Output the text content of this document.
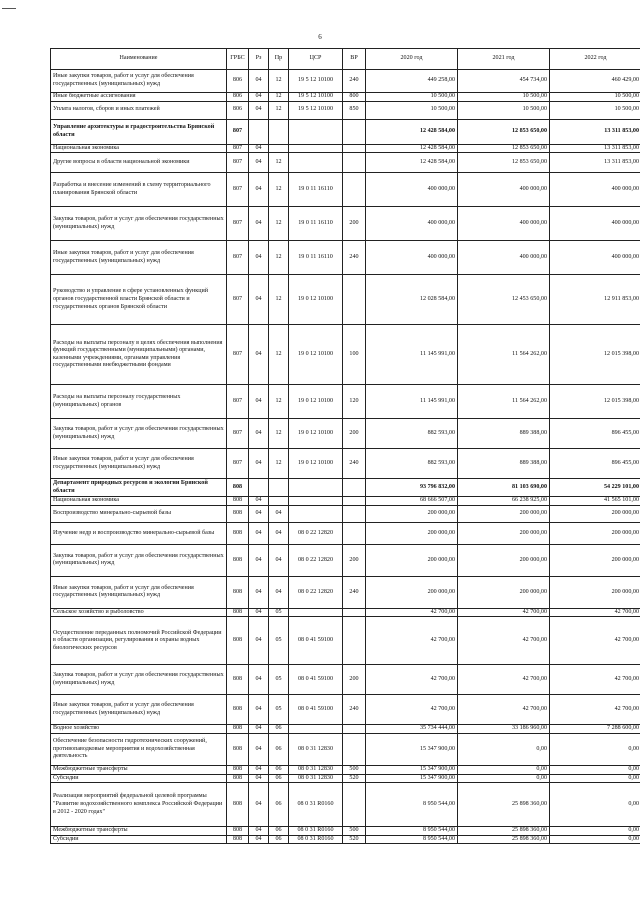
6
Наименование	ГРБС	Рз	Пр	ЦСР	ВР	2020 год	2021 год	2022 год
Иные закупки товаров, работ и услуг для обеспечения государственных (муниципальных) нужд	806	04	12	19 5 12 10100	240	449 258,00	454 734,00	460 429,00
Иные бюджетные ассигнования	806	04	12	19 5 12 10100	800	10 500,00	10 500,00	10 500,00
Уплата налогов, сборов и иных платежей	806	04	12	19 5 12 10100	850	10 500,00	10 500,00	10 500,00
Управление архитектуры и градостроительства Брянской области	807					12 428 584,00	12 853 650,00	13 311 853,00
Национальная экономика	807	04				12 428 584,00	12 853 650,00	13 311 853,00
Другие вопросы в области национальной экономики	807	04	12			12 428 584,00	12 853 650,00	13 311 853,00
Разработка и внесение изменений в схему территориального планирования Брянской области	807	04	12	19 0 11 16110		400 000,00	400 000,00	400 000,00
Закупка товаров, работ и услуг для обеспечения государственных (муниципальных) нужд	807	04	12	19 0 11 16110	200	400 000,00	400 000,00	400 000,00
Иные закупки товаров, работ и услуг для обеспечения государственных (муниципальных) нужд	807	04	12	19 0 11 16110	240	400 000,00	400 000,00	400 000,00
Руководство и управление в сфере установленных функций органов государственной власти Брянской области и государственных органов Брянской области	807	04	12	19 0 12 10100		12 028 584,00	12 453 650,00	12 911 853,00
Расходы на выплаты персоналу в целях обеспечения выполнения функций государственными (муниципальными) органами, казенными учреждениями, органами управления государственными внебюджетными фондами	807	04	12	19 0 12 10100	100	11 145 991,00	11 564 262,00	12 015 398,00
Расходы на выплаты персоналу государственных (муниципальных) органов	807	04	12	19 0 12 10100	120	11 145 991,00	11 564 262,00	12 015 398,00
Закупка товаров, работ и услуг для обеспечения государственных (муниципальных) нужд	807	04	12	19 0 12 10100	200	882 593,00	889 388,00	896 455,00
Иные закупки товаров, работ и услуг для обеспечения государственных (муниципальных) нужд	807	04	12	19 0 12 10100	240	882 593,00	889 388,00	896 455,00
Департамент природных ресурсов и экологии Брянской области	808					93 796 832,00	81 103 690,00	54 229 101,00
Национальная экономика	808	04				68 666 507,00	66 238 925,00	41 565 101,00
Воспроизводство минерально-сырьевой базы	808	04	04			200 000,00	200 000,00	200 000,00
Изучение недр и воспроизводство минерально-сырьевой базы	808	04	04	08 0 22 12820		200 000,00	200 000,00	200 000,00
Закупка товаров, работ и услуг для обеспечения государственных (муниципальных) нужд	808	04	04	08 0 22 12820	200	200 000,00	200 000,00	200 000,00
Иные закупки товаров, работ и услуг для обеспечения государственных (муниципальных) нужд	808	04	04	08 0 22 12820	240	200 000,00	200 000,00	200 000,00
Сельское хозяйство и рыболовство	808	04	05			42 700,00	42 700,00	42 700,00
Осуществление переданных полномочий Российской Федерации в области организации, регулирования и охраны водных биологических ресурсов	808	04	05	08 0 41 59100		42 700,00	42 700,00	42 700,00
Закупка товаров, работ и услуг для обеспечения государственных (муниципальных) нужд	808	04	05	08 0 41 59100	200	42 700,00	42 700,00	42 700,00
Иные закупки товаров, работ и услуг для обеспечения государственных (муниципальных) нужд	808	04	05	08 0 41 59100	240	42 700,00	42 700,00	42 700,00
Водное хозяйство	808	04	06			35 734 444,00	33 186 960,00	7 288 600,00
Обеспечение безопасности гидротехнических сооружений, противопаводковые мероприятия и водохозяйственная деятельность	808	04	06	08 0 31 12830		15 347 900,00	0,00	0,00
Межбюджетные трансферты	808	04	06	08 0 31 12830	500	15 347 900,00	0,00	0,00
Субсидии	808	04	06	08 0 31 12830	520	15 347 900,00	0,00	0,00
Реализация мероприятий федеральной целевой программы "Развитие водохозяйственного комплекса Российской Федерации в 2012 - 2020 годах"	808	04	06	08 0 31 R0160		8 950 544,00	25 898 360,00	0,00
Межбюджетные трансферты	808	04	06	08 0 31 R0160	500	8 950 544,00	25 898 360,00	0,00
Субсидии	808	04	06	08 0 31 R0160	520	8 950 544,00	25 898 360,00	0,00
